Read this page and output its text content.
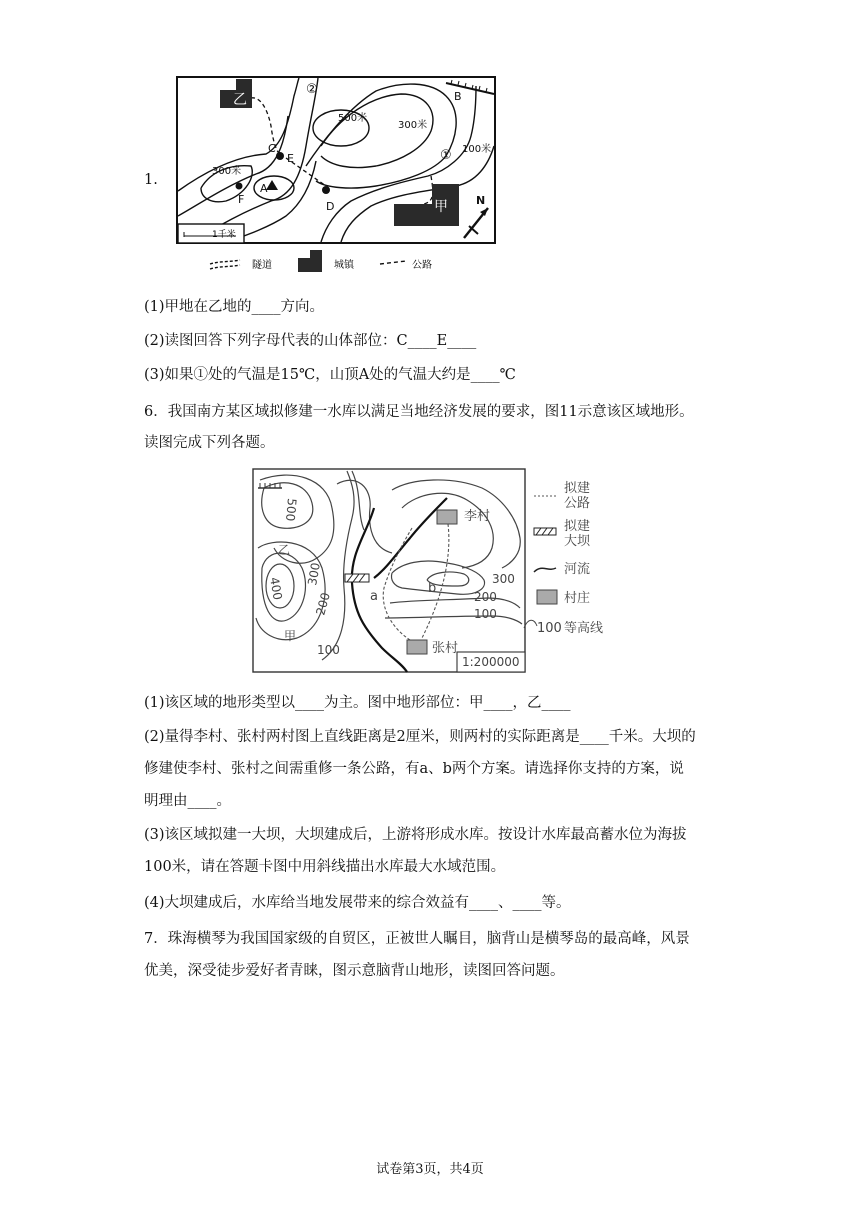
1.
乙
甲
②
①
500米
300米
300米
100米
B
C
E
A
F
D	N
1千米
隧道	城镇	公路
(1)甲地在乙地的____方向。
(2)读图回答下列字母代表的山体部位：C____E____
(3)如果①处的气温是15℃，山顶A处的气温大约是____℃
6．我国南方某区域拟修建一水库以满足当地经济发展的要求，图11示意该区域地形。
读图完成下列各题。
1:200000
李村
张村
a
b
乙
甲
300
200
100
100
500
400
300
200
拟建公路
拟建大坝
河流
村庄
100 等高线
(1)该区域的地形类型以____为主。图中地形部位：甲____，乙____
(2)量得李村、张村两村图上直线距离是2厘米，则两村的实际距离是____千米。大坝的
修建使李村、张村之间需重修一条公路，有a、b两个方案。请选择你支持的方案，说
明理由____。
(3)该区域拟建一大坝，大坝建成后，上游将形成水库。按设计水库最高蓄水位为海拔
100米，请在答题卡图中用斜线描出水库最大水域范围。
(4)大坝建成后，水库给当地发展带来的综合效益有____、____等。
7．珠海横琴为我国国家级的自贸区，正被世人瞩目，脑背山是横琴岛的最高峰，风景
优美，深受徒步爱好者青睐，图示意脑背山地形，读图回答问题。
试卷第3页，共4页
